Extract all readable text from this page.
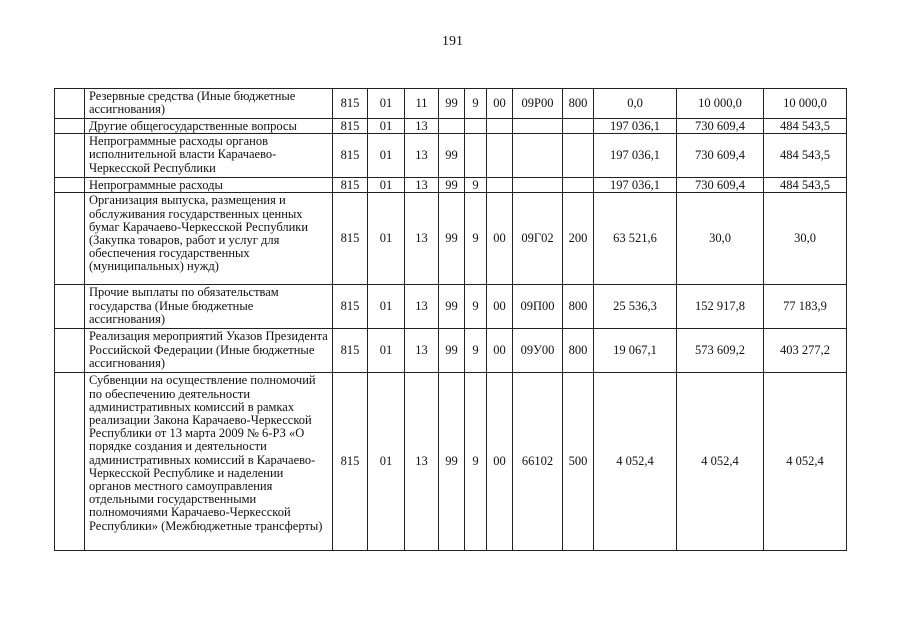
191
	Резервные средства (Иные бюджетные ассигнования)	815	01	11	99	9	00	09Р00	800	0,0	10 000,0	10 000,0
	Другие общегосударственные вопросы	815	01	13						197 036,1	730 609,4	484 543,5
	Непрограммные расходы органов исполнительной власти Карачаево-Черкесской Республики	815	01	13	99					197 036,1	730 609,4	484 543,5
	Непрограммные расходы	815	01	13	99	9				197 036,1	730 609,4	484 543,5
	Организация выпуска, размещения и обслуживания государственных ценных бумаг Карачаево-Черкесской Республики (Закупка товаров, работ и услуг для обеспечения государственных (муниципальных) нужд)	815	01	13	99	9	00	09Г02	200	63 521,6	30,0	30,0
	Прочие выплаты по обязательствам государства (Иные бюджетные ассигнования)	815	01	13	99	9	00	09П00	800	25 536,3	152 917,8	77 183,9
	Реализация мероприятий Указов Президента Российской Федерации (Иные бюджетные ассигнования)	815	01	13	99	9	00	09У00	800	19 067,1	573 609,2	403 277,2
	Субвенции на осуществление полномочий по обеспечению деятельности административных комиссий в рамках реализации Закона Карачаево-Черкесской Республики от 13 марта 2009 № 6-РЗ «О порядке создания и деятельности административных комиссий в Карачаево-Черкесской Республике и наделении органов местного самоуправления отдельными государственными полномочиями Карачаево-Черкесской Республики» (Межбюджетные трансферты)	815	01	13	99	9	00	66102	500	4 052,4	4 052,4	4 052,4
